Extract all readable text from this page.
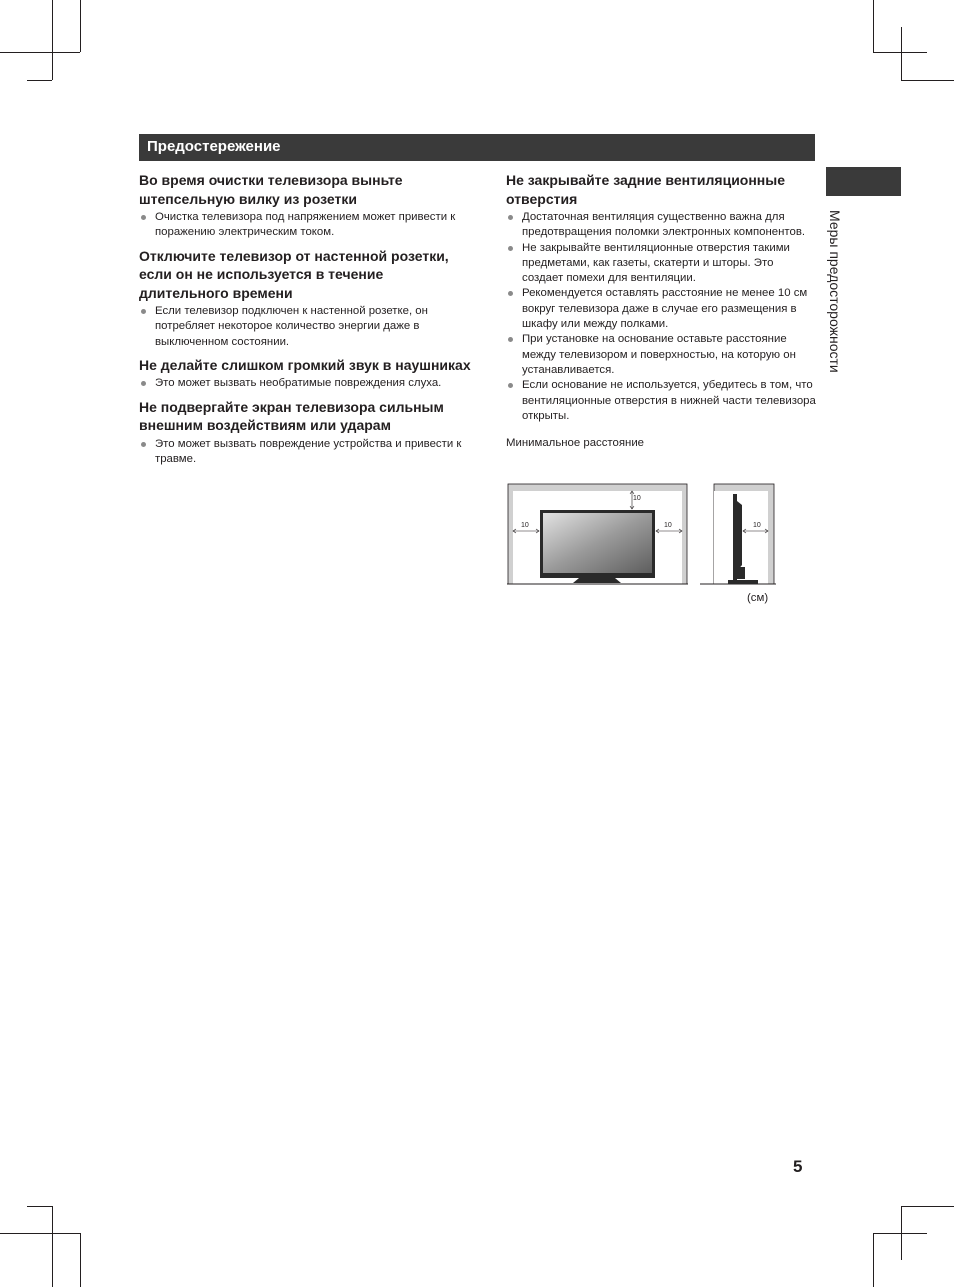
Предостережение
Меры предосторожности
Во время очистки телевизора выньте штепсельную вилку из розетки
Очистка телевизора под напряжением может привести к поражению электрическим током.
Отключите телевизор от настенной розетки, если он не используется в течение длительного времени
Если телевизор подключен к настенной розетке, он потребляет некоторое количество энергии даже в выключенном состоянии.
Не делайте слишком громкий звук в наушниках
Это может вызвать необратимые повреждения слуха.
Не подвергайте экран телевизора сильным внешним воздействиям или ударам
Это может вызвать повреждение устройства и привести к травме.
Не закрывайте задние вентиляционные отверстия
Достаточная вентиляция существенно важна для предотвращения поломки электронных компонентов.
Не закрывайте вентиляционные отверстия такими предметами, как газеты, скатерти и шторы. Это создает помехи для вентиляции.
Рекомендуется оставлять расстояние не менее 10 см вокруг телевизора даже в случае его размещения в шкафу или между полками.
При установке на основание оставьте расстояние между телевизором и поверхностью, на которую он устанавливается.
Если основание не используется, убедитесь в том, что вентиляционные отверстия в нижней части телевизора открыты.
Минимальное расстояние
10
10	10	10
(см)
5
